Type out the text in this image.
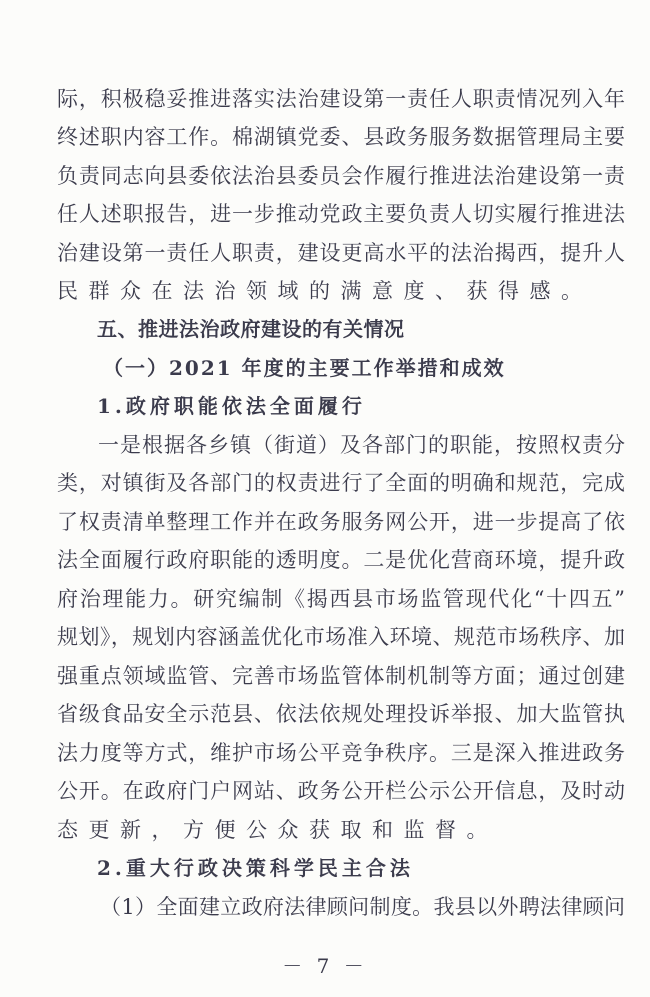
际，积极稳妥推进落实法治建设第一责任人职责情况列入年
终述职内容工作。棉湖镇党委、县政务服务数据管理局主要
负责同志向县委依法治县委员会作履行推进法治建设第一责
任人述职报告，进一步推动党政主要负责人切实履行推进法
治建设第一责任人职责，建设更高水平的法治揭西，提升人
民群众在法治领域的满意度、获得感。
五、推进法治政府建设的有关情况
（一）2021 年度的主要工作举措和成效
1.政府职能依法全面履行
一是根据各乡镇（街道）及各部门的职能，按照权责分
类，对镇街及各部门的权责进行了全面的明确和规范，完成
了权责清单整理工作并在政务服务网公开，进一步提高了依
法全面履行政府职能的透明度。二是优化营商环境，提升政
府治理能力。研究编制《揭西县市场监管现代化“十四五”
规划》，规划内容涵盖优化市场准入环境、规范市场秩序、加
强重点领域监管、完善市场监管体制机制等方面；通过创建
省级食品安全示范县、依法依规处理投诉举报、加大监管执
法力度等方式，维护市场公平竞争秩序。三是深入推进政务
公开。在政府门户网站、政务公开栏公示公开信息，及时动
态更新，方便公众获取和监督。
2.重大行政决策科学民主合法
（1）全面建立政府法律顾问制度。我县以外聘法律顾问
－ 7 －
